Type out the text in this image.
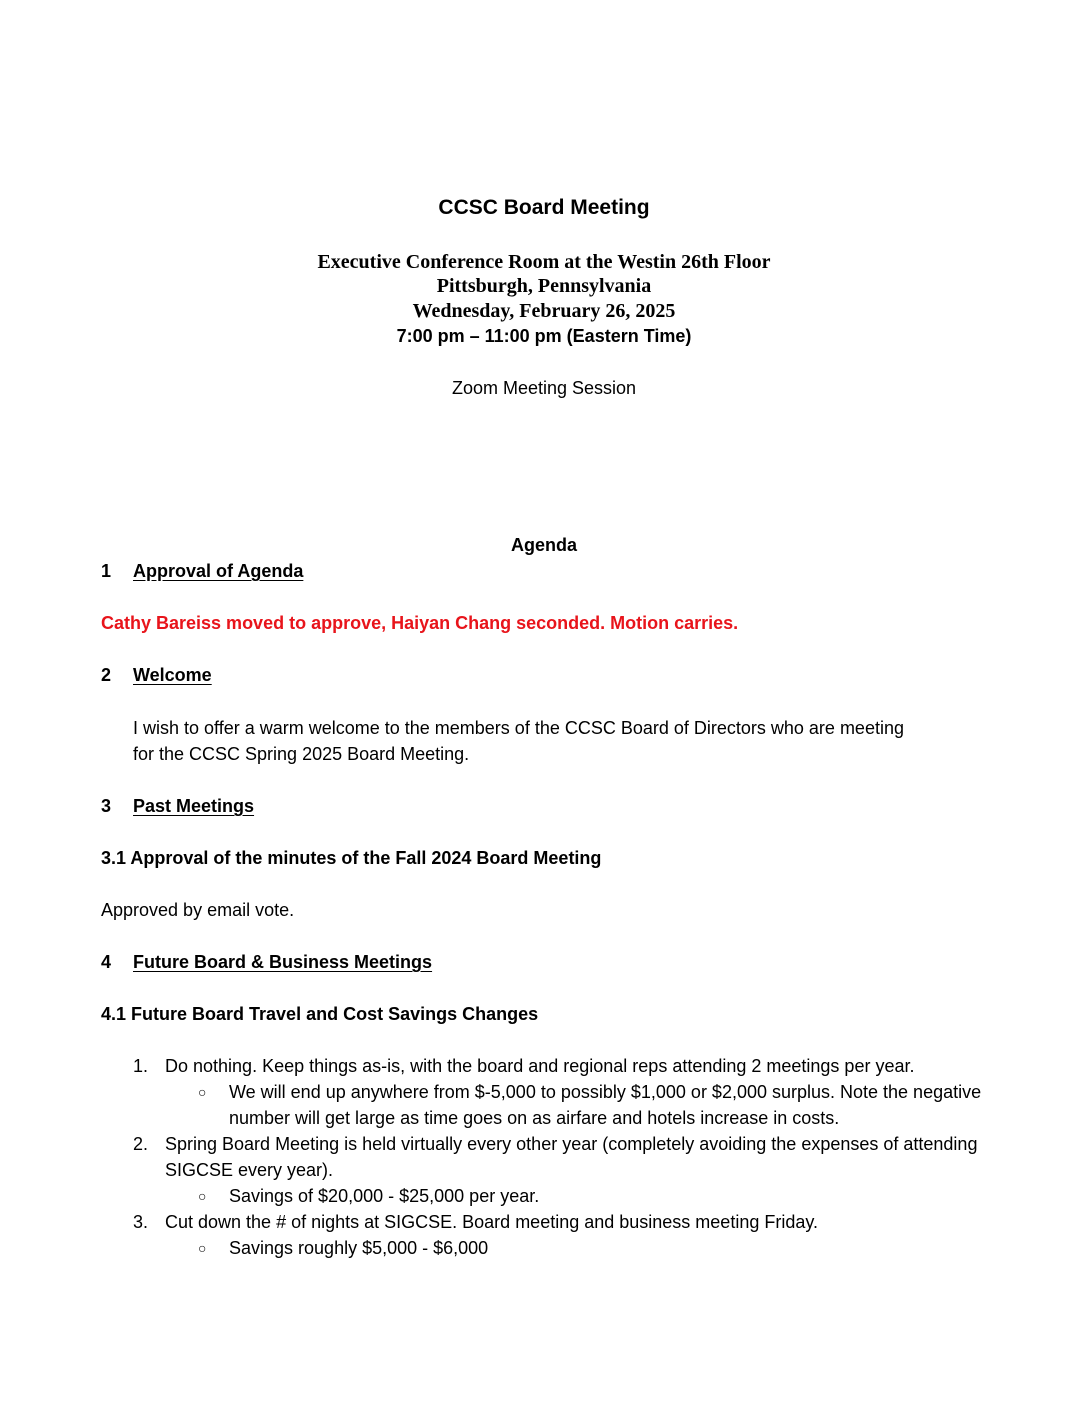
CCSC Board Meeting
Executive Conference Room at the Westin 26th Floor
Pittsburgh, Pennsylvania
Wednesday, February 26, 2025
7:00 pm – 11:00 pm (Eastern Time)
Zoom Meeting Session
Agenda
1 Approval of Agenda
Cathy Bareiss moved to approve, Haiyan Chang seconded. Motion carries.
2 Welcome
I wish to offer a warm welcome to the members of the CCSC Board of Directors who are meeting
for the CCSC Spring 2025 Board Meeting.
3 Past Meetings
3.1 Approval of the minutes of the Fall 2024 Board Meeting
Approved by email vote.
4 Future Board & Business Meetings
4.1 Future Board Travel and Cost Savings Changes
1. Do nothing. Keep things as-is, with the board and regional reps attending 2 meetings per year.
○ We will end up anywhere from $-5,000 to possibly $1,000 or $2,000 surplus. Note the negative number will get large as time goes on as airfare and hotels increase in costs.
2. Spring Board Meeting is held virtually every other year (completely avoiding the expenses of attending SIGCSE every year).
○ Savings of $20,000 - $25,000 per year.
3. Cut down the # of nights at SIGCSE. Board meeting and business meeting Friday.
○ Savings roughly $5,000 - $6,000
